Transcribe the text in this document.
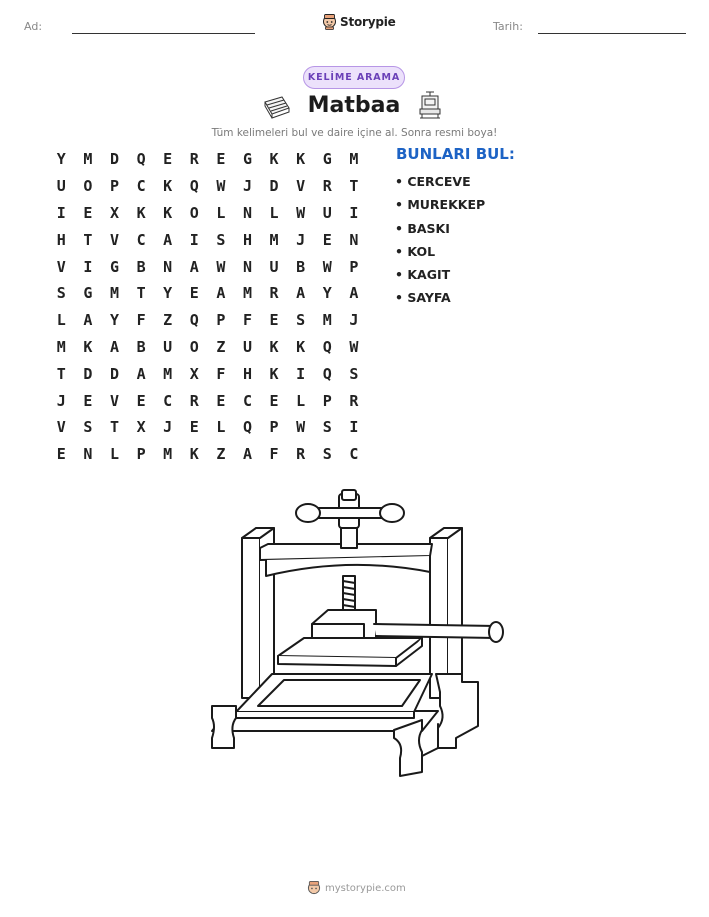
Ad:	Storypie	Tarih:
KELİME ARAMA
Matbaa
Tüm kelimeleri bul ve daire içine al. Sonra resmi boya!
Y	M	D	Q	E	R	E	G	K	K	G	M
U	O	P	C	K	Q	W	J	D	V	R	T
I	E	X	K	K	O	L	N	L	W	U	I
H	T	V	C	A	I	S	H	M	J	E	N
V	I	G	B	N	A	W	N	U	B	W	P
S	G	M	T	Y	E	A	M	R	A	Y	A
L	A	Y	F	Z	Q	P	F	E	S	M	J
M	K	A	B	U	O	Z	U	K	K	Q	W
T	D	D	A	M	X	F	H	K	I	Q	S
J	E	V	E	C	R	E	C	E	L	P	R
V	S	T	X	J	E	L	Q	P	W	S	I
E	N	L	P	M	K	Z	A	F	R	S	C
BUNLARI BUL:
• CERCEVE
• MUREKKEP
• BASKI
• KOL
• KAGIT
• SAYFA
mystorypie.com
